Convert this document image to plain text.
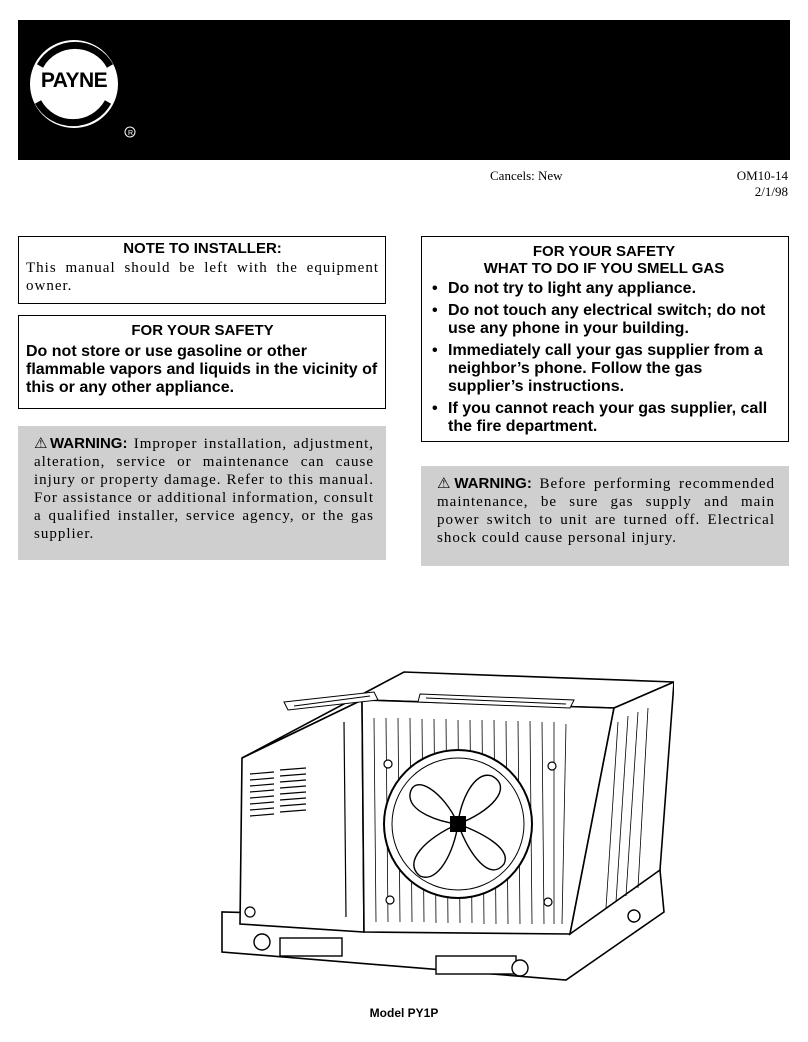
R
PAYNE
user’s information manual
PY1P
SINGLE PACKAGE GAS HEATING/
ELECTRIC COOLING UNITS
Sizes 018-060
Cancels: New	OM10-14
2/1/98
NOTE TO INSTALLER:
This manual should be left with the equipment owner.
FOR YOUR SAFETY
Do not store or use gasoline or other flammable vapors and liquids in the vicinity of this or any other appliance.
⚠WARNING: Improper installation, adjustment, alteration, service or maintenance can cause injury or property damage. Refer to this manual. For assistance or additional information, consult a qualified installer, service agency, or the gas supplier.
FOR YOUR SAFETY
WHAT TO DO IF YOU SMELL GAS
• Do not try to light any appliance.
• Do not touch any electrical switch; do not use any phone in your building.
• Immediately call your gas supplier from a neighbor’s phone. Follow the gas supplier’s instructions.
• If you cannot reach your gas supplier, call the fire department.
⚠WARNING: Before performing recommended maintenance, be sure gas supply and main power switch to unit are turned off. Electrical shock could cause personal injury.
Model PY1P
